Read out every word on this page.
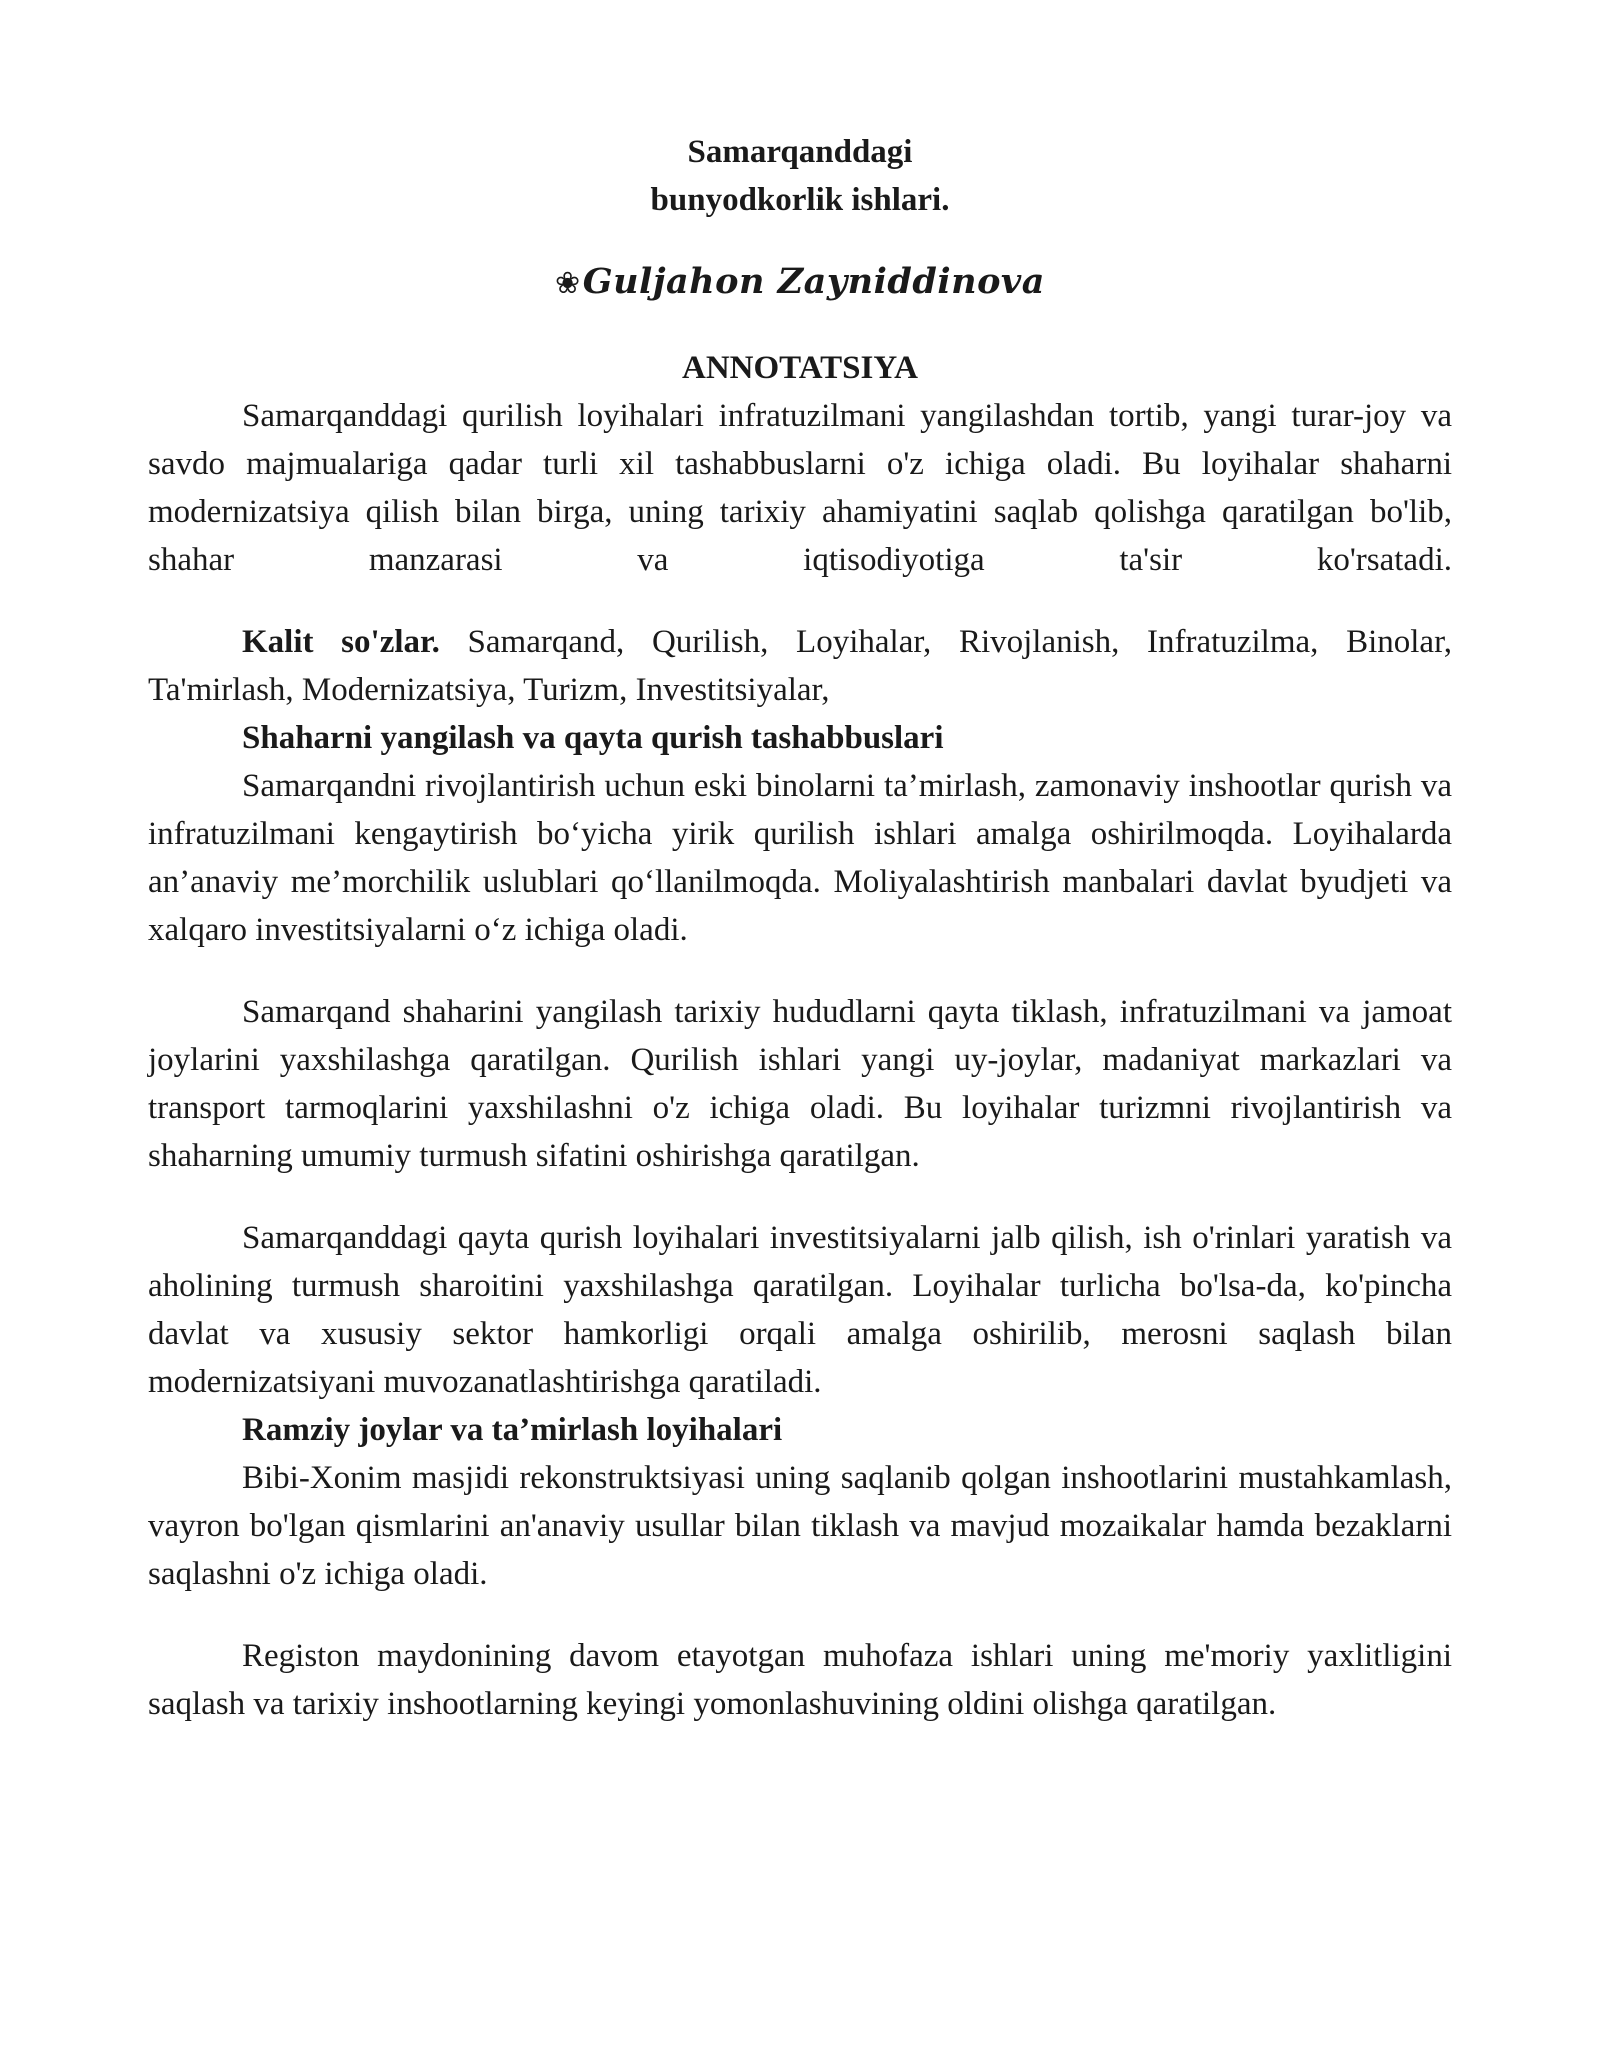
Samarqanddagi

bunyodkorlik ishlari.

❀Guljahon Zayniddinova

ANNOTATSIYA

Samarqanddagi qurilish loyihalari infratuzilmani yangilashdan tortib, yangi turar-joy va savdo majmualariga qadar turli xil tashabbuslarni o'z ichiga oladi. Bu loyihalar shaharni modernizatsiya qilish bilan birga, uning tarixiy ahamiyatini saqlab qolishga qaratilgan bo'lib, shahar manzarasi va iqtisodiyotiga ta'sir ko'rsatadi.

Kalit so'zlar. Samarqand, Qurilish, Loyihalar, Rivojlanish, Infratuzilma, Binolar, Ta'mirlash, Modernizatsiya, Turizm, Investitsiyalar,

Shaharni yangilash va qayta qurish tashabbuslari

Samarqandni rivojlantirish uchun eski binolarni ta’mirlash, zamonaviy inshootlar qurish va infratuzilmani kengaytirish bo‘yicha yirik qurilish ishlari amalga oshirilmoqda. Loyihalarda an’anaviy me’morchilik uslublari qo‘llanilmoqda. Moliyalashtirish manbalari davlat byudjeti va xalqaro investitsiyalarni o‘z ichiga oladi.

Samarqand shaharini yangilash tarixiy hududlarni qayta tiklash, infratuzilmani va jamoat joylarini yaxshilashga qaratilgan. Qurilish ishlari yangi uy-joylar, madaniyat markazlari va transport tarmoqlarini yaxshilashni o'z ichiga oladi. Bu loyihalar turizmni rivojlantirish va shaharning umumiy turmush sifatini oshirishga qaratilgan.

Samarqanddagi qayta qurish loyihalari investitsiyalarni jalb qilish, ish o'rinlari yaratish va aholining turmush sharoitini yaxshilashga qaratilgan. Loyihalar turlicha bo'lsa-da, ko'pincha davlat va xususiy sektor hamkorligi orqali amalga oshirilib, merosni saqlash bilan modernizatsiyani muvozanatlashtirishga qaratiladi.

Ramziy joylar va ta’mirlash loyihalari

Bibi-Xonim masjidi rekonstruktsiyasi uning saqlanib qolgan inshootlarini mustahkamlash, vayron bo'lgan qismlarini an'anaviy usullar bilan tiklash va mavjud mozaikalar hamda bezaklarni saqlashni o'z ichiga oladi.

Registon maydonining davom etayotgan muhofaza ishlari uning me'moriy yaxlitligini saqlash va tarixiy inshootlarning keyingi yomonlashuvining oldini olishga qaratilgan.
